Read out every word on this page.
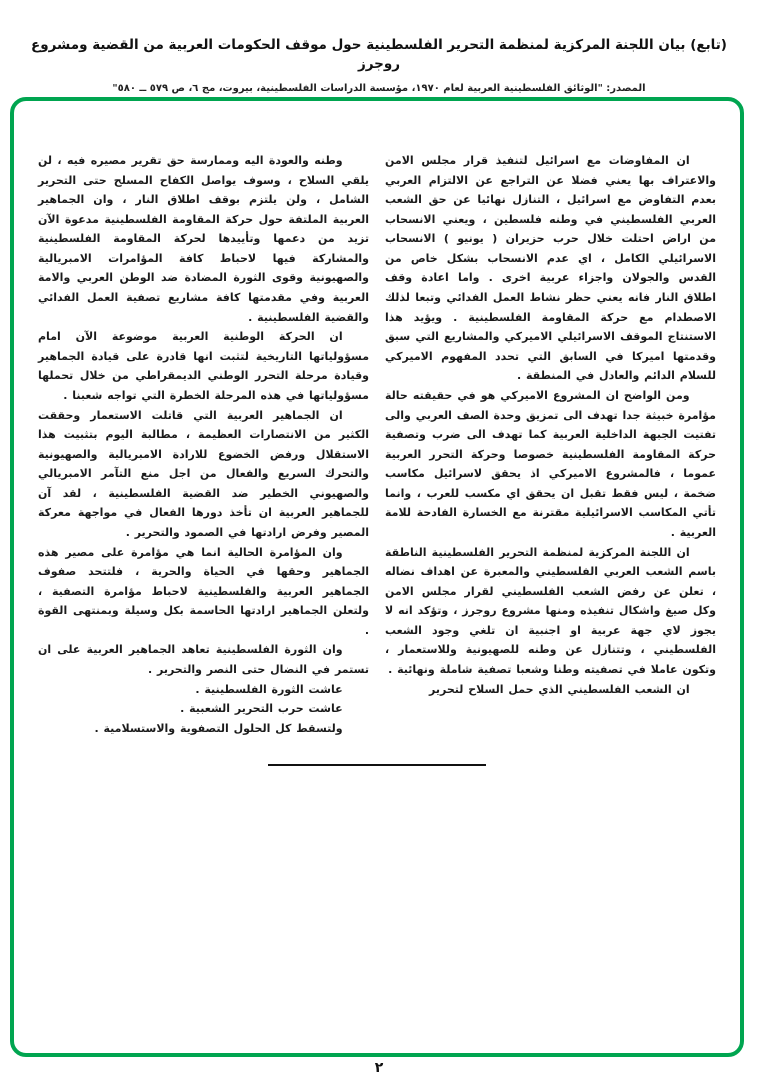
(تابع) بيان اللجنة المركزية لمنظمة التحرير الفلسطينية حول موقف الحكومات العربية من القضية ومشروع روجرز
المصدر: "الوثائق الفلسطينية العربية لعام ١٩٧٠، مؤسسة الدراسات الفلسطينية، بيروت، مج ٦، ص ٥٧٩ ــ ٥٨٠"

ان المفاوضات مع اسرائيل لتنفيذ قرار مجلس الامن والاعتراف بها يعني فضلا عن التراجع عن الالتزام العربي بعدم التفاوض مع اسرائيل ، التنازل نهائيا عن حق الشعب العربي الفلسطيني في وطنه فلسطين ، ويعني الانسحاب من اراض احتلت خلال حرب حزيران ( يونيو ) الانسحاب الاسرائيلي الكامل ، اي عدم الانسحاب بشكل خاص من القدس والجولان واجزاء عربية اخرى . واما اعادة وقف اطلاق النار فانه يعني حظر نشاط العمل الفدائي وتبعا لذلك الاصطدام مع حركة المقاومة الفلسطينية . ويؤيد هذا الاستنتاج الموقف الاسرائيلي الاميركي والمشاريع التي سبق وقدمتها اميركا في السابق التي تحدد المفهوم الاميركي للسلام الدائم والعادل في المنطقة .

ومن الواضح ان المشروع الاميركي هو في حقيقته حالة مؤامرة خبيثة جدا تهدف الى تمزيق وحدة الصف العربي والى تفتيت الجبهة الداخلية العربية كما تهدف الى ضرب وتصفية حركة المقاومة الفلسطينية خصوصا وحركة التحرر العربية عموما ، فالمشروع الاميركي اذ يحقق لاسرائيل مكاسب ضخمة ، ليس فقط تقبل ان يحقق اي مكسب للعرب ، وانما تأتي المكاسب الاسرائيلية مقترنة مع الخسارة الفادحة للامة العربية .

ان اللجنة المركزية لمنظمة التحرير الفلسطينية الناطقة باسم الشعب العربي الفلسطيني والمعبرة عن اهداف نضاله ، تعلن عن رفض الشعب الفلسطيني لقرار مجلس الامن وكل صيغ واشكال تنفيذه ومنها مشروع روجرز ، وتؤكد انه لا يجوز لاي جهة عربية او اجنبية ان تلغي وجود الشعب الفلسطيني ، وتتنازل عن وطنه للصهيونية وللاستعمار ، وتكون عاملا في تصفيته وطنا وشعبا تصفية شاملة ونهائية .

ان الشعب الفلسطيني الذي حمل السلاح لتحرير

وطنه والعودة اليه وممارسة حق تقرير مصيره فيه ، لن يلقي السلاح ، وسوف يواصل الكفاح المسلح حتى التحرير الشامل ، ولن يلتزم بوقف اطلاق النار ، وان الجماهير العربية الملتفة حول حركة المقاومة الفلسطينية مدعوة الآن تزيد من دعمها وتأييدها لحركة المقاومة الفلسطينية والمشاركة فيها لاحباط كافة المؤامرات الامبريالية والصهيونية وقوى الثورة المضادة ضد الوطن العربي والامة العربية وفي مقدمتها كافة مشاريع تصفية العمل الفدائي والقضية الفلسطينية .

ان الحركة الوطنية العربية موضوعة الآن امام مسؤولياتها التاريخية لتثبت انها قادرة على قيادة الجماهير وقيادة مرحلة التحرر الوطني الديمقراطي من خلال تحملها مسؤولياتها في هذه المرحلة الخطرة التي تواجه شعبنا .

ان الجماهير العربية التي قاتلت الاستعمار وحققت الكثير من الانتصارات العظيمة ، مطالبة اليوم بتثبيت هذا الاستقلال ورفض الخضوع للارادة الامبريالية والصهيونية والتحرك السريع والفعال من اجل منع التآمر الامبريالي والصهيوني الخطير ضد القضية الفلسطينية ، لقد آن للجماهير العربية ان تأخذ دورها الفعال في مواجهة معركة المصير وفرض ارادتها في الصمود والتحرير .

وان المؤامرة الحالية انما هي مؤامرة على مصير هذه الجماهير وحقها في الحياة والحرية ، فلتتحد صفوف الجماهير العربية والفلسطينية لاحباط مؤامرة التصفية ، ولتعلن الجماهير ارادتها الحاسمة بكل وسيلة وبمنتهى القوة .

وان الثورة الفلسطينية تعاهد الجماهير العربية على ان تستمر في النضال حتى النصر والتحرير .

عاشت الثورة الفلسطينية .

عاشت حرب التحرير الشعبية .

ولتسقط كل الحلول التصفوية والاستسلامية .

٢
